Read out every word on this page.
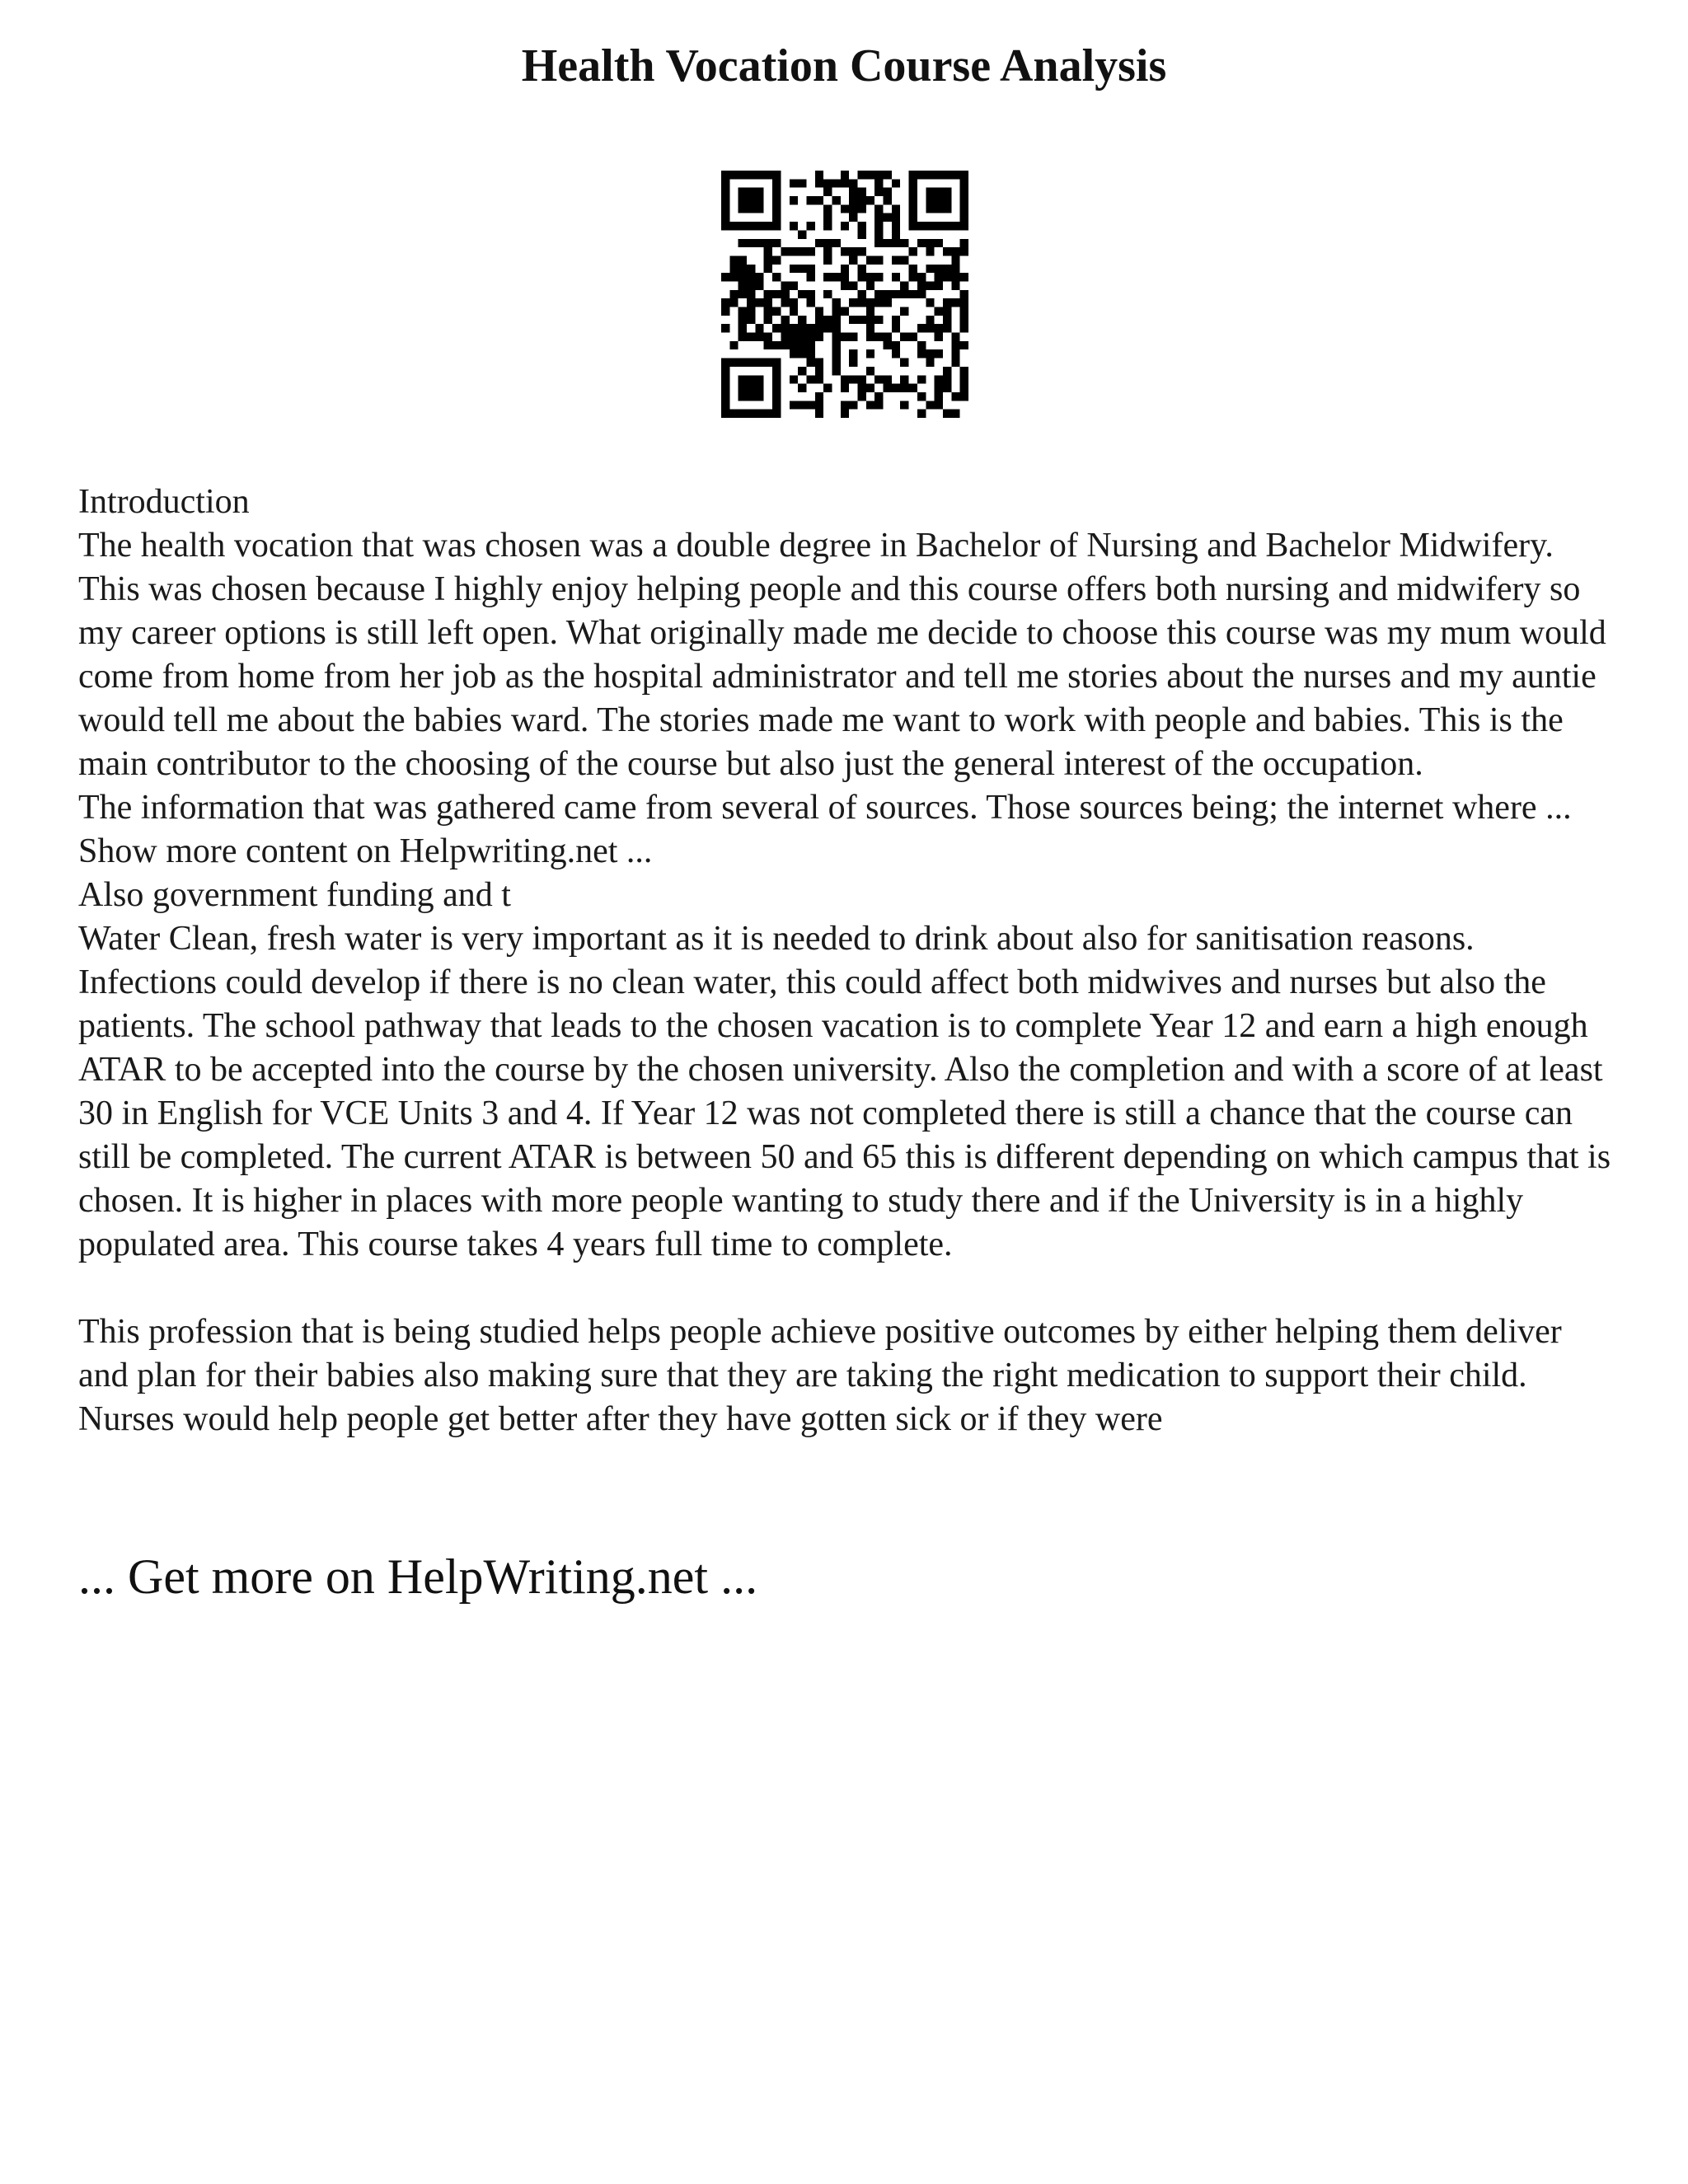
Health Vocation Course Analysis

Introduction

The health vocation that was chosen was a double degree in Bachelor of Nursing and Bachelor Midwifery. This was chosen because I highly enjoy helping people and this course offers both nursing and midwifery so my career options is still left open. What originally made me decide to choose this course was my mum would come from home from her job as the hospital administrator and tell me stories about the nurses and my auntie would tell me about the babies ward. The stories made me want to work with people and babies. This is the main contributor to the choosing of the course but also just the general interest of the occupation.

The information that was gathered came from several of sources. Those sources being; the internet where ... Show more content on Helpwriting.net ...

Also government funding and t

Water Clean, fresh water is very important as it is needed to drink about also for sanitisation reasons. Infections could develop if there is no clean water, this could affect both midwives and nurses but also the patients. The school pathway that leads to the chosen vacation is to complete Year 12 and earn a high enough ATAR to be accepted into the course by the chosen university. Also the completion and with a score of at least 30 in English for VCE Units 3 and 4. If Year 12 was not completed there is still a chance that the course can still be completed. The current ATAR is between 50 and 65 this is different depending on which campus that is chosen. It is higher in places with more people wanting to study there and if the University is in a highly populated area. This course takes 4 years full time to complete.

This profession that is being studied helps people achieve positive outcomes by either helping them deliver and plan for their babies also making sure that they are taking the right medication to support their child. Nurses would help people get better after they have gotten sick or if they were

... Get more on HelpWriting.net ...
